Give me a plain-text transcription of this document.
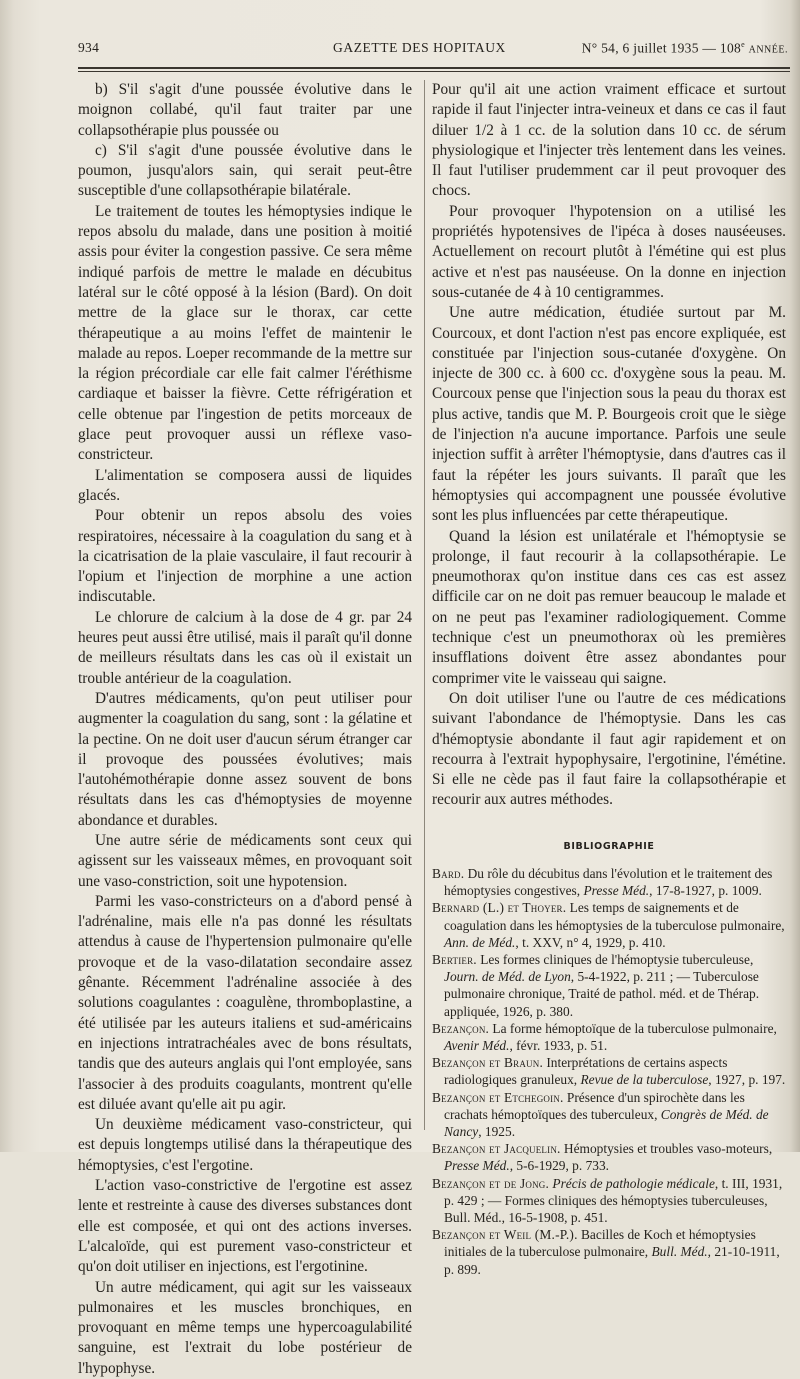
934	GAZETTE DES HOPITAUX	N° 54, 6 juillet 1935 — 108e ANNÉE.

b) S'il s'agit d'une poussée évolutive dans le moignon collabé, qu'il faut traiter par une collapsothérapie plus poussée ou

c) S'il s'agit d'une poussée évolutive dans le poumon, jusqu'alors sain, qui serait peut-être susceptible d'une collapsothérapie bilatérale.

Le traitement de toutes les hémoptysies indique le repos absolu du malade, dans une position à moitié assis pour éviter la congestion passive. Ce sera même indiqué parfois de mettre le malade en décubitus latéral sur le côté opposé à la lésion (Bard). On doit mettre de la glace sur le thorax, car cette thérapeutique a au moins l'effet de maintenir le malade au repos. Loeper recommande de la mettre sur la région précordiale car elle fait calmer l'éréthisme cardiaque et baisser la fièvre. Cette réfrigération et celle obtenue par l'ingestion de petits morceaux de glace peut provoquer aussi un réflexe vaso-constricteur.

L'alimentation se composera aussi de liquides glacés.

Pour obtenir un repos absolu des voies respiratoires, nécessaire à la coagulation du sang et à la cicatrisation de la plaie vasculaire, il faut recourir à l'opium et l'injection de morphine a une action indiscutable.

Le chlorure de calcium à la dose de 4 gr. par 24 heures peut aussi être utilisé, mais il paraît qu'il donne de meilleurs résultats dans les cas où il existait un trouble antérieur de la coagulation.

D'autres médicaments, qu'on peut utiliser pour augmenter la coagulation du sang, sont : la gélatine et la pectine. On ne doit user d'aucun sérum étranger car il provoque des poussées évolutives; mais l'autohémothérapie donne assez souvent de bons résultats dans les cas d'hémoptysies de moyenne abondance et durables.

Une autre série de médicaments sont ceux qui agissent sur les vaisseaux mêmes, en provoquant soit une vaso-constriction, soit une hypotension.

Parmi les vaso-constricteurs on a d'abord pensé à l'adrénaline, mais elle n'a pas donné les résultats attendus à cause de l'hypertension pulmonaire qu'elle provoque et de la vaso-dilatation secondaire assez gênante. Récemment l'adrénaline associée à des solutions coagulantes : coagulène, thromboplastine, a été utilisée par les auteurs italiens et sud-américains en injections intratrachéales avec de bons résultats, tandis que des auteurs anglais qui l'ont employée, sans l'associer à des produits coagulants, montrent qu'elle est diluée avant qu'elle ait pu agir.

Un deuxième médicament vaso-constricteur, qui est depuis longtemps utilisé dans la thérapeutique des hémoptysies, c'est l'ergotine.

L'action vaso-constrictive de l'ergotine est assez lente et restreinte à cause des diverses substances dont elle est composée, et qui ont des actions inverses. L'alcaloïde, qui est purement vaso-constricteur et qu'on doit utiliser en injections, est l'ergotinine.

Un autre médicament, qui agit sur les vaisseaux pulmonaires et les muscles bronchiques, en provoquant en même temps une hypercoagulabilité sanguine, est l'extrait du lobe postérieur de l'hypophyse.

Pour qu'il ait une action vraiment efficace et surtout rapide il faut l'injecter intra-veineux et dans ce cas il faut diluer 1/2 à 1 cc. de la solution dans 10 cc. de sérum physiologique et l'injecter très lentement dans les veines. Il faut l'utiliser prudemment car il peut provoquer des chocs.

Pour provoquer l'hypotension on a utilisé les propriétés hypotensives de l'ipéca à doses nauséeuses. Actuellement on recourt plutôt à l'émétine qui est plus active et n'est pas nauséeuse. On la donne en injection sous-cutanée de 4 à 10 centigrammes.

Une autre médication, étudiée surtout par M. Courcoux, et dont l'action n'est pas encore expliquée, est constituée par l'injection sous-cutanée d'oxygène. On injecte de 300 cc. à 600 cc. d'oxygène sous la peau. M. Courcoux pense que l'injection sous la peau du thorax est plus active, tandis que M. P. Bourgeois croit que le siège de l'injection n'a aucune importance. Parfois une seule injection suffit à arrêter l'hémoptysie, dans d'autres cas il faut la répéter les jours suivants. Il paraît que les hémoptysies qui accompagnent une poussée évolutive sont les plus influencées par cette thérapeutique.

Quand la lésion est unilatérale et l'hémoptysie se prolonge, il faut recourir à la collapsothérapie. Le pneumothorax qu'on institue dans ces cas est assez difficile car on ne doit pas remuer beaucoup le malade et on ne peut pas l'examiner radiologiquement. Comme technique c'est un pneumothorax où les premières insufflations doivent être assez abondantes pour comprimer vite le vaisseau qui saigne.

On doit utiliser l'une ou l'autre de ces médications suivant l'abondance de l'hémoptysie. Dans les cas d'hémoptysie abondante il faut agir rapidement et on recourra à l'extrait hypophysaire, l'ergotinine, l'émétine. Si elle ne cède pas il faut faire la collapsothérapie et recourir aux autres méthodes.

BIBLIOGRAPHIE

Bard. Du rôle du décubitus dans l'évolution et le traitement des hémoptysies congestives, Presse Méd., 17-8-1927, p. 1009.

Bernard (L.) et Thoyer. Les temps de saignements et de coagulation dans les hémoptysies de la tuberculose pulmonaire, Ann. de Méd., t. XXV, n° 4, 1929, p. 410.

Bertier. Les formes cliniques de l'hémoptysie tuberculeuse, Journ. de Méd. de Lyon, 5-4-1922, p. 211 ; — Tuberculose pulmonaire chronique, Traité de pathol. méd. et de Thérap. appliquée, 1926, p. 380.

Bezançon. La forme hémoptoïque de la tuberculose pulmonaire, Avenir Méd., févr. 1933, p. 51.

Bezançon et Braun. Interprétations de certains aspects radiologiques granuleux, Revue de la tuberculose, 1927, p. 197.

Bezançon et Etchegoin. Présence d'un spirochète dans les crachats hémoptoïques des tuberculeux, Congrès de Méd. de Nancy, 1925.

Bezançon et Jacquelin. Hémoptysies et troubles vaso-moteurs, Presse Méd., 5-6-1929, p. 733.

Bezançon et de Jong. Précis de pathologie médicale, t. III, 1931, p. 429 ; — Formes cliniques des hémoptysies tuberculeuses, Bull. Méd., 16-5-1908, p. 451.

Bezançon et Weil (M.-P.). Bacilles de Koch et hémoptysies initiales de la tuberculose pulmonaire, Bull. Méd., 21-10-1911, p. 899.
